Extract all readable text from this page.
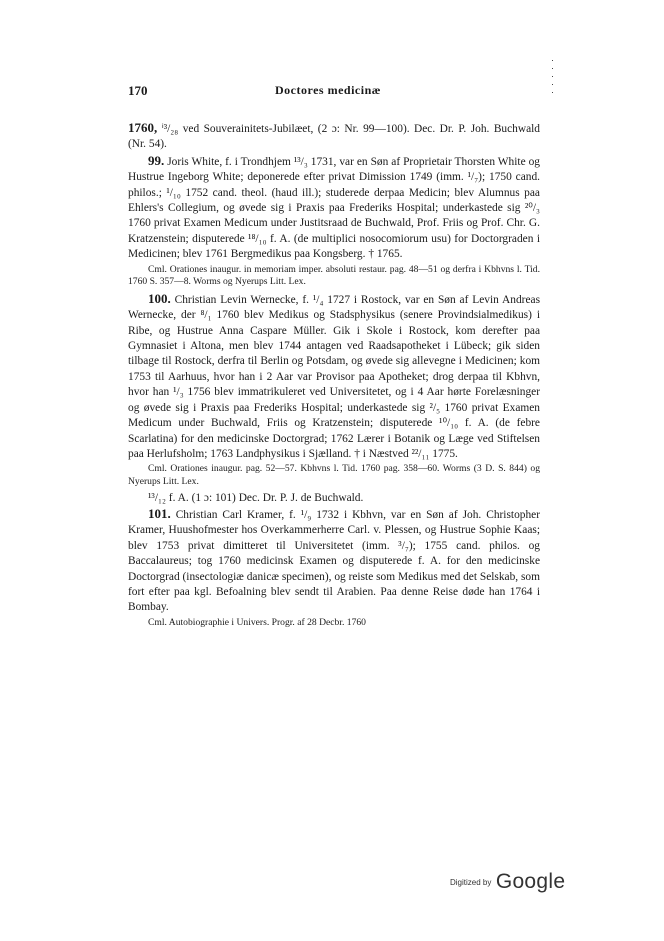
170	Doctores medicinæ

1760, ⁱ³/₂₈ ved Souverainitets-Jubilæet, (2 ɔ: Nr. 99—100). Dec. Dr. P. Joh. Buchwald (Nr. 54).

99. Joris White, f. i Trondhjem ¹³/₃ 1731, var en Søn af Proprietair Thorsten White og Hustrue Ingeborg White; deponerede efter privat Dimission 1749 (imm. ¹/₇); 1750 cand. philos.; ¹/₁₀ 1752 cand. theol. (haud ill.); studerede derpaa Medicin; blev Alumnus paa Ehlers's Collegium, og øvede sig i Praxis paa Frederiks Hospital; underkastede sig ²⁰/₃ 1760 privat Examen Medicum under Justitsraad de Buchwald, Prof. Friis og Prof. Chr. G. Kratzenstein; disputerede ¹⁸/₁₀ f. A. (de multiplici nosocomiorum usu) for Doctorgraden i Medicinen; blev 1761 Bergmedikus paa Kongsberg. † 1765.

Cml. Orationes inaugur. in memoriam imper. absoluti restaur. pag. 48—51 og derfra i Kbhvns l. Tid. 1760 S. 357—8. Worms og Nyerups Litt. Lex.

100. Christian Levin Wernecke, f. ¹/₄ 1727 i Rostock, var en Søn af Levin Andreas Wernecke, der ⁸/₁ 1760 blev Medikus og Stadsphysikus (senere Provindsialmedikus) i Ribe, og Hustrue Anna Caspare Müller. Gik i Skole i Rostock, kom derefter paa Gymnasiet i Altona, men blev 1744 antagen ved Raadsapotheket i Lübeck; gik siden tilbage til Rostock, derfra til Berlin og Potsdam, og øvede sig allevegne i Medicinen; kom 1753 til Aarhuus, hvor han i 2 Aar var Provisor paa Apotheket; drog derpaa til Kbhvn, hvor han ¹/₃ 1756 blev immatrikuleret ved Universitetet, og i 4 Aar hørte Forelæsninger og øvede sig i Praxis paa Frederiks Hospital; underkastede sig ²/₅ 1760 privat Examen Medicum under Buchwald, Friis og Kratzenstein; disputerede ¹⁰/₁₀ f. A. (de febre Scarlatina) for den medicinske Doctorgrad; 1762 Lærer i Botanik og Læge ved Stiftelsen paa Herlufsholm; 1763 Landphysikus i Sjælland. † i Næstved ²²/₁₁ 1775.

Cml. Orationes inaugur. pag. 52—57. Kbhvns l. Tid. 1760 pag. 358—60. Worms (3 D. S. 844) og Nyerups Litt. Lex.

¹³/₁₂ f. A. (1 ɔ: 101) Dec. Dr. P. J. de Buchwald.

101. Christian Carl Kramer, f. ¹/₉ 1732 i Kbhvn, var en Søn af Joh. Christopher Kramer, Huushofmester hos Overkammerherre Carl. v. Plessen, og Hustrue Sophie Kaas; blev 1753 privat dimitteret til Universitetet (imm. ³/₇); 1755 cand. philos. og Baccalaureus; tog 1760 medicinsk Examen og disputerede f. A. for den medicinske Doctorgrad (insectologiæ danicæ specimen), og reiste som Medikus med det Selskab, som fort efter paa kgl. Befoalning blev sendt til Arabien. Paa denne Reise døde han 1764 i Bombay.

Cml. Autobiographie i Univers. Progr. af 28 Decbr. 1760

Digitized by Google
